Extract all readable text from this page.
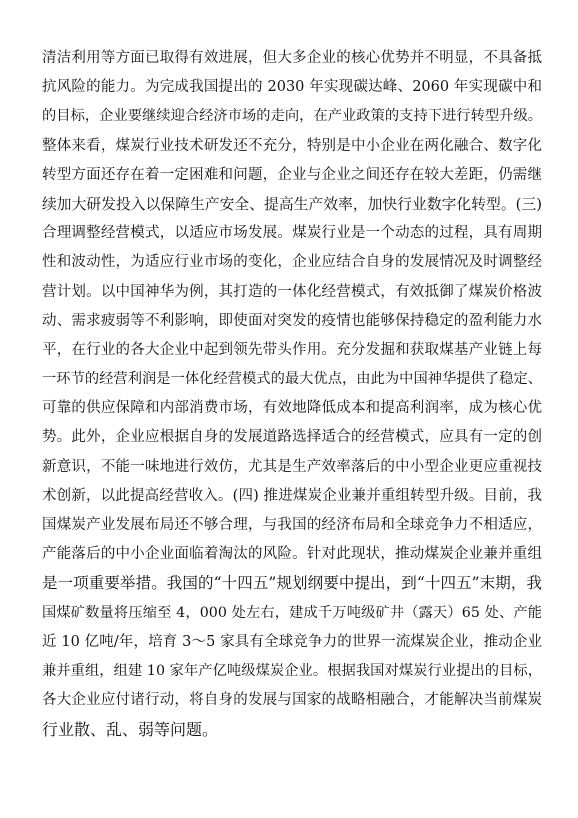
清洁利用等方面已取得有效进展，但大多企业的核心优势并不明显，不具备抵
抗风险的能力。为完成我国提出的 2030 年实现碳达峰、2060 年实现碳中和
的目标，企业要继续迎合经济市场的走向，在产业政策的支持下进行转型升级。
整体来看，煤炭行业技术研发还不充分，特别是中小企业在两化融合、数字化
转型方面还存在着一定困难和问题，企业与企业之间还存在较大差距，仍需继
续加大研发投入以保障生产安全、提高生产效率，加快行业数字化转型。(三)
合理调整经营模式，以适应市场发展。煤炭行业是一个动态的过程，具有周期
性和波动性，为适应行业市场的变化，企业应结合自身的发展情况及时调整经
营计划。以中国神华为例，其打造的一体化经营模式，有效抵御了煤炭价格波
动、需求疲弱等不利影响，即使面对突发的疫情也能够保持稳定的盈利能力水
平，在行业的各大企业中起到领先带头作用。充分发掘和获取煤基产业链上每
一环节的经营利润是一体化经营模式的最大优点，由此为中国神华提供了稳定、
可靠的供应保障和内部消费市场，有效地降低成本和提高利润率，成为核心优
势。此外，企业应根据自身的发展道路选择适合的经营模式，应具有一定的创
新意识，不能一味地进行效仿，尤其是生产效率落后的中小型企业更应重视技
术创新，以此提高经营收入。(四) 推进煤炭企业兼并重组转型升级。目前，我
国煤炭产业发展布局还不够合理，与我国的经济布局和全球竞争力不相适应，
产能落后的中小企业面临着淘汰的风险。针对此现状，推动煤炭企业兼并重组
是一项重要举措。我国的“十四五”规划纲要中提出，到“十四五”末期，我
国煤矿数量将压缩至 4，000 处左右，建成千万吨级矿井（露天）65 处、产能
近 10 亿吨/年，培育 3～5 家具有全球竞争力的世界一流煤炭企业，推动企业
兼并重组，组建 10 家年产亿吨级煤炭企业。根据我国对煤炭行业提出的目标，
各大企业应付诸行动，将自身的发展与国家的战略相融合，才能解决当前煤炭
行业散、乱、弱等问题。
